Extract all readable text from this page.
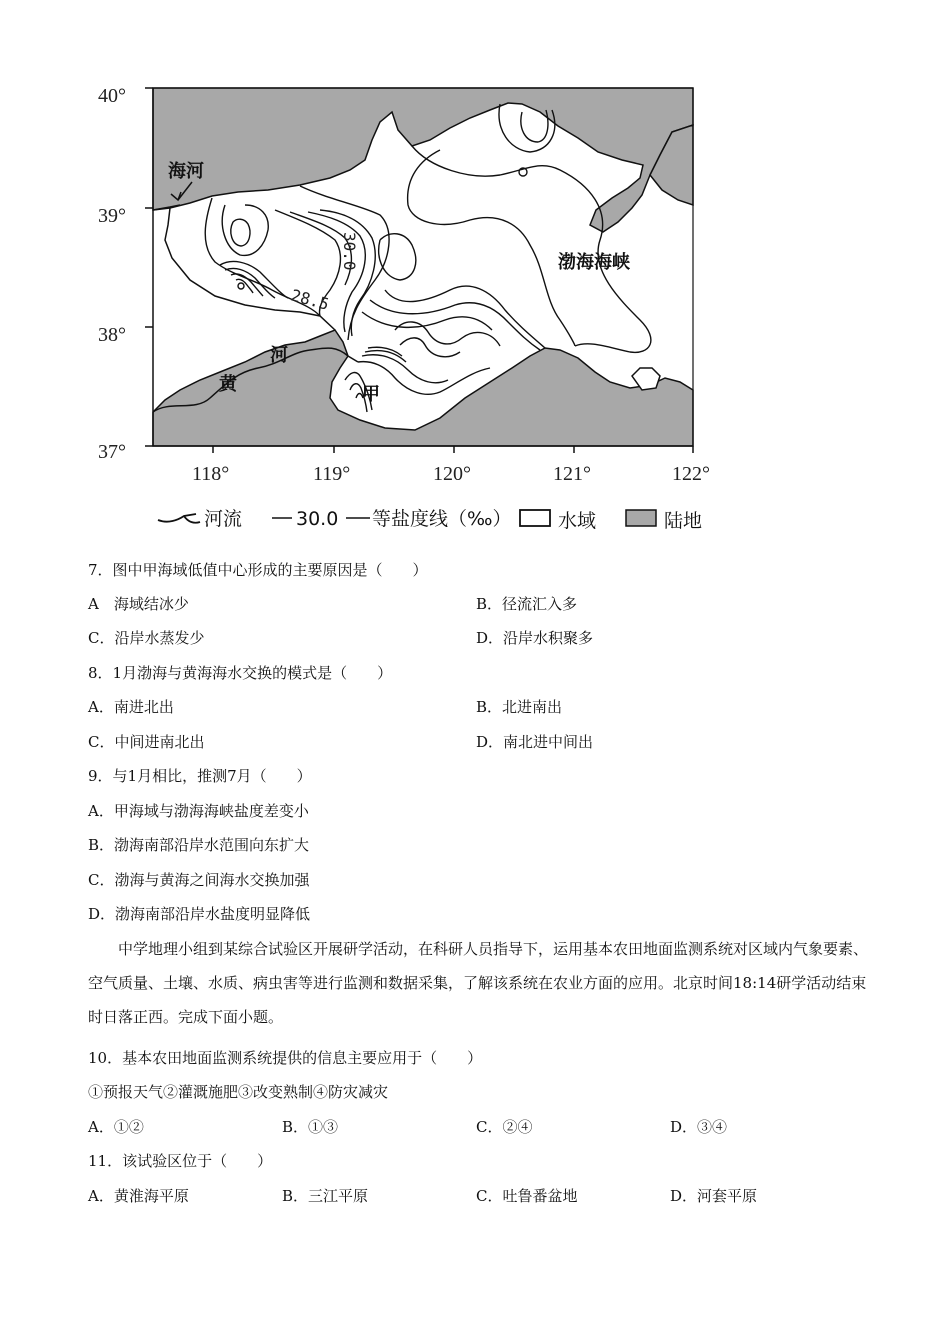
40°
39°
38°
37°
118°	119°	120°	121°	122°
海河
渤海海峡
黄
河
甲
30.0
28.5
河流	30.0 等盐度线（‰） 水域	陆地
7．图中甲海域低值中心形成的主要原因是（　　）
A　海域结冰少	B．径流汇入多
C．沿岸水蒸发少	D．沿岸水积聚多
8．1月渤海与黄海海水交换的模式是（　　）
A．南进北出	B．北进南出
C．中间进南北出	D．南北进中间出
9．与1月相比，推测7月（　　）
A．甲海域与渤海海峡盐度差变小
B．渤海南部沿岸水范围向东扩大
C．渤海与黄海之间海水交换加强
D．渤海南部沿岸水盐度明显降低

中学地理小组到某综合试验区开展研学活动，在科研人员指导下，运用基本农田地面监测系统对区域内气象要素、空气质量、土壤、水质、病虫害等进行监测和数据采集，了解该系统在农业方面的应用。北京时间18:14研学活动结束时日落正西。完成下面小题。

10．基本农田地面监测系统提供的信息主要应用于（　　）
①预报天气②灌溉施肥③改变熟制④防灾减灾
A．①②	B．①③	C．②④	D．③④
11．该试验区位于（　　）
A．黄淮海平原	B．三江平原	C．吐鲁番盆地	D．河套平原
